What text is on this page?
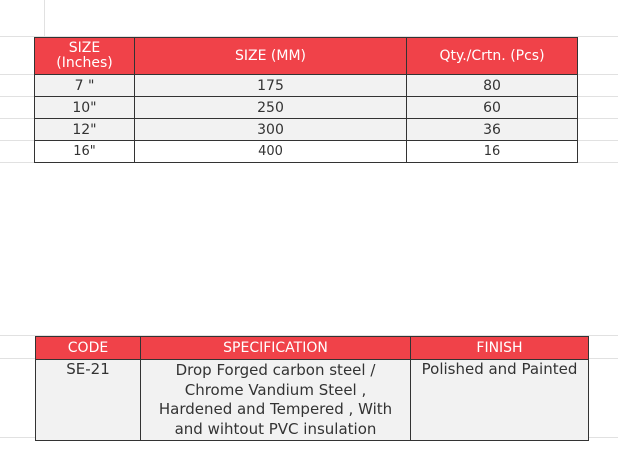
SIZE
(Inches)	SIZE (MM)	Qty./Crtn. (Pcs)
7 "	175	80
10"	250	60
12"	300	36
16"	400	16
CODE	SPECIFICATION	FINISH
SE-21	Drop Forged carbon steel / Chrome Vandium Steel , Hardened and Tempered , With and wihtout PVC insulation	Polished and Painted
